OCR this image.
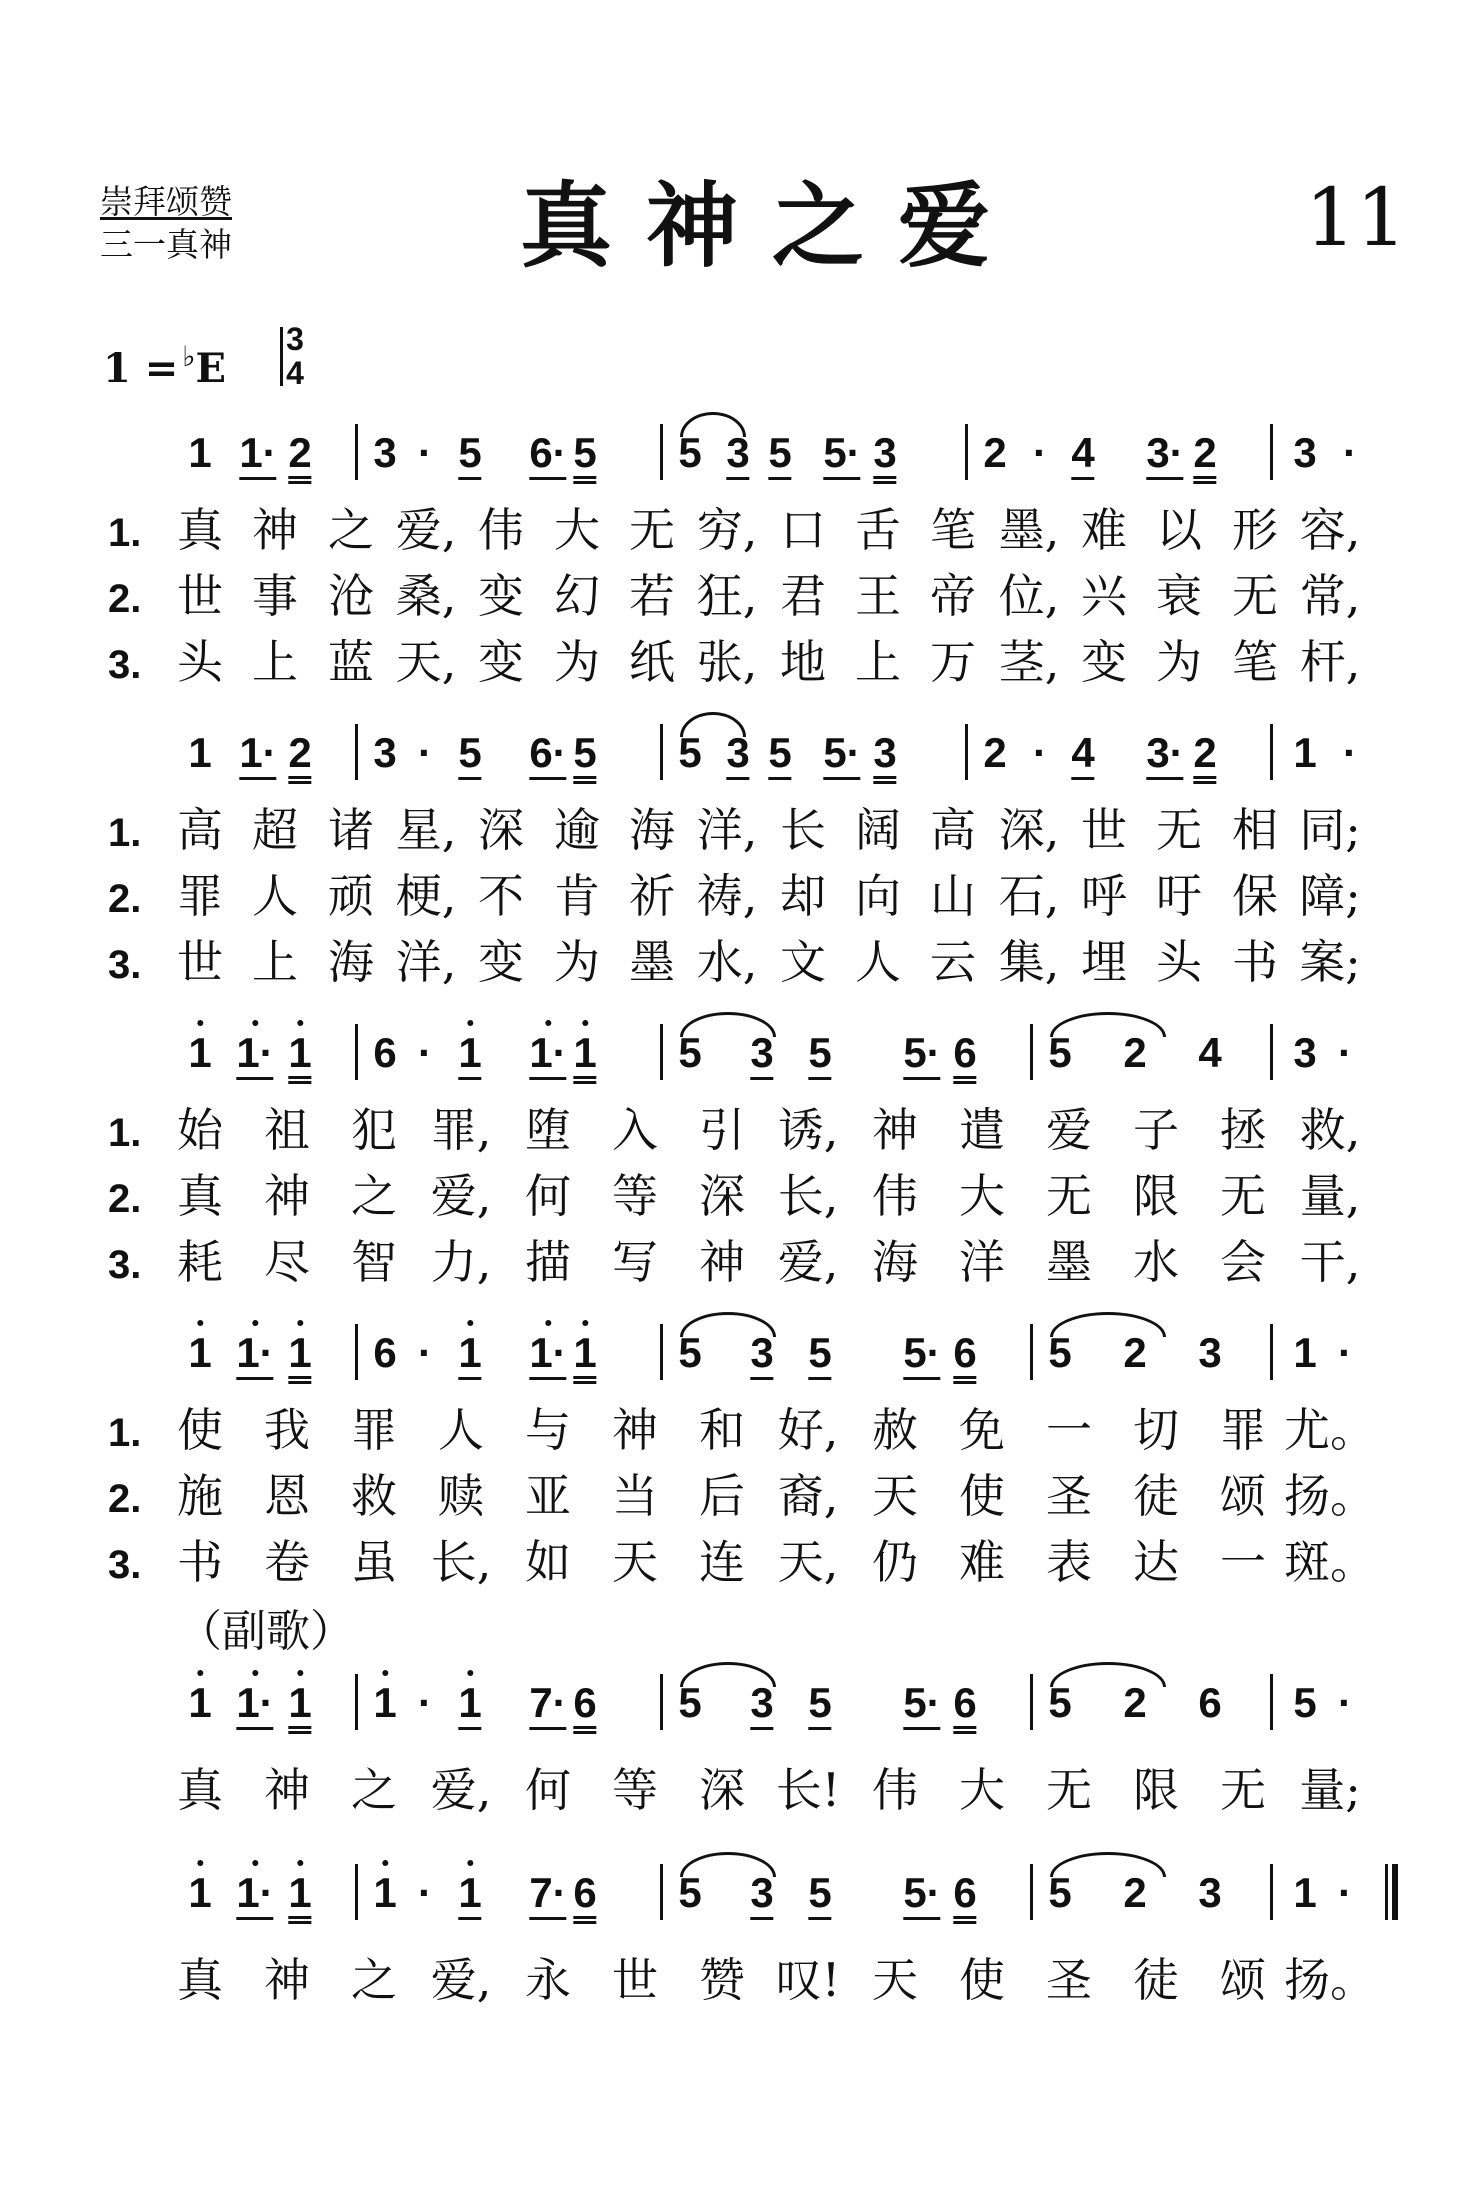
崇拜颂赞
三一真神	真神之爱	11
1 = ♭E
3
4
（副歌）
1 1· 2 3 · 5 6· 5 5 3 5 5· 3 2 · 4 3· 2 3 ·
1 1· 2 3 · 5 6· 5 5 3 5 5· 3 2 · 4 3· 2 1 ·
1 1· 1 6 · 1 1· 1 5 3 5 5· 6 5 2 4 3 ·
1 1· 1 6 · 1 1· 1 5 3 5 5· 6 5 2 3 1 ·
1 1· 1 1 · 1 7· 6 5 3 5 5· 6 5 2 6 5 ·
1 1· 1 1 · 1 7· 6 5 3 5 5· 6 5 2 3 1 ·
1. 真 神 之 爱, 伟 大 无 穷, 口 舌 笔 墨, 难 以 形 容,
2. 世 事 沧 桑, 变 幻 若 狂, 君 王 帝 位, 兴 衰 无 常,
3. 头 上 蓝 天, 变 为 纸 张, 地 上 万 茎, 变 为 笔 杆,
1. 高 超 诸 星, 深 逾 海 洋, 长 阔 高 深, 世 无 相 同;
2. 罪 人 顽 梗, 不 肯 祈 祷, 却 向 山 石, 呼 吁 保 障;
3. 世 上 海 洋, 变 为 墨 水, 文 人 云 集, 埋 头 书 案;
1. 始 祖 犯 罪, 堕 入 引 诱, 神 遣 爱 子 拯 救,
2. 真 神 之 爱, 何 等 深 长, 伟 大 无 限 无 量,
3. 耗 尽 智 力, 描 写 神 爱, 海 洋 墨 水 会 干,
1. 使 我 罪 人 与 神 和 好, 赦 免 一 切 罪 尤。
2. 施 恩 救 赎 亚 当 后 裔, 天 使 圣 徒 颂 扬。
3. 书 卷 虽 长, 如 天 连 天, 仍 难 表 达 一 斑。
真 神 之 爱, 何 等 深 长! 伟 大 无 限 无 量;
真 神 之 爱, 永 世 赞 叹! 天 使 圣 徒 颂 扬。
